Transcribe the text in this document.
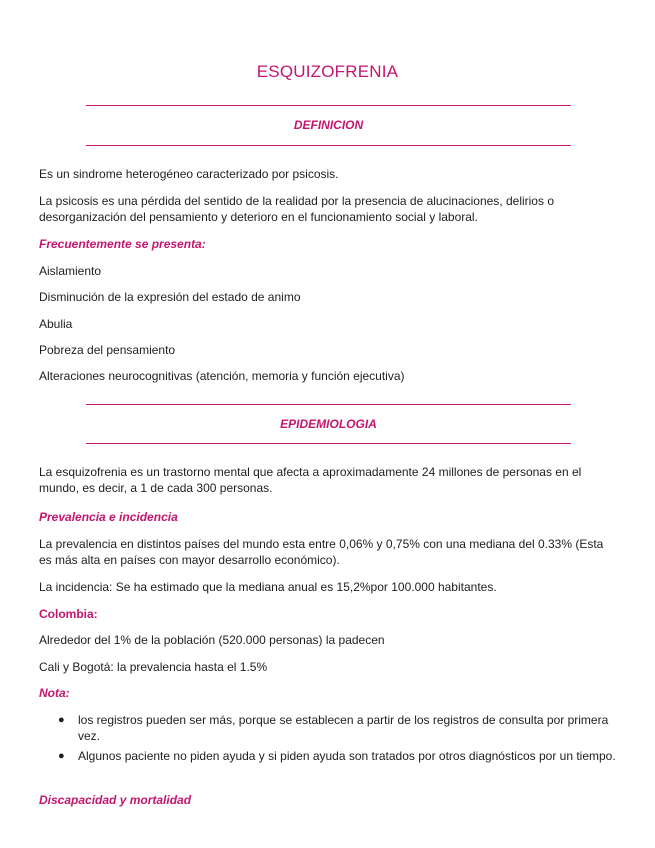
ESQUIZOFRENIA
DEFINICION
Es un sindrome heterogéneo caracterizado por psicosis.
La psicosis es una pérdida del sentido de la realidad por la presencia de alucinaciones, delirios o desorganización del pensamiento y deterioro en el funcionamiento social y laboral.
Frecuentemente se presenta:
Aislamiento
Disminución de la expresión del estado de animo
Abulia
Pobreza del pensamiento
Alteraciones neurocognitivas (atención, memoria y función ejecutiva)
EPIDEMIOLOGIA
La esquizofrenia es un trastorno mental que afecta a aproximadamente 24 millones de personas en el mundo, es decir, a 1 de cada 300 personas.
Prevalencia e incidencia
La prevalencia en distintos países del mundo esta entre 0,06% y 0,75% con una mediana del 0.33% (Esta es más alta en países con mayor desarrollo económico).
La incidencia: Se ha estimado que la mediana anual es 15,2%por 100.000 habitantes.
Colombia:
Alrededor del 1% de la población (520.000 personas) la padecen
Cali y Bogotá: la prevalencia hasta el 1.5%
Nota:
● los registros pueden ser más, porque se establecen a partir de los registros de consulta por primera vez.
● Algunos paciente no piden ayuda y si piden ayuda son tratados por otros diagnósticos por un tiempo.
Discapacidad y mortalidad
